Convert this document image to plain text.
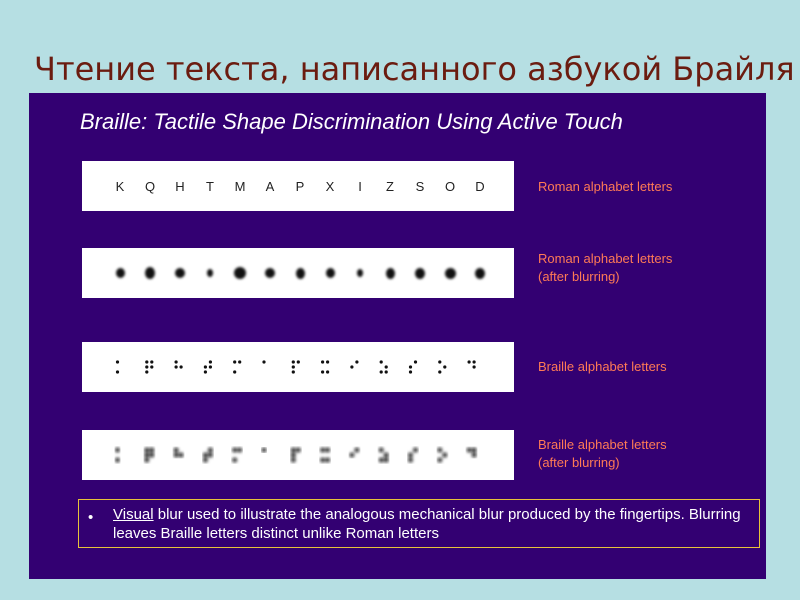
Чтение текста, написанного азбукой Брайля
Braille: Tactile Shape Discrimination Using Active Touch
K	Q	H	T	M	A	P	X	I	Z	S	O	D	Roman alphabet letters
Roman alphabet letters
(after blurring)
Braille alphabet letters
Braille alphabet letters
(after blurring)
• Visual blur used to illustrate the analogous mechanical blur produced by the fingertips. Blurring leaves Braille letters distinct unlike Roman letters
